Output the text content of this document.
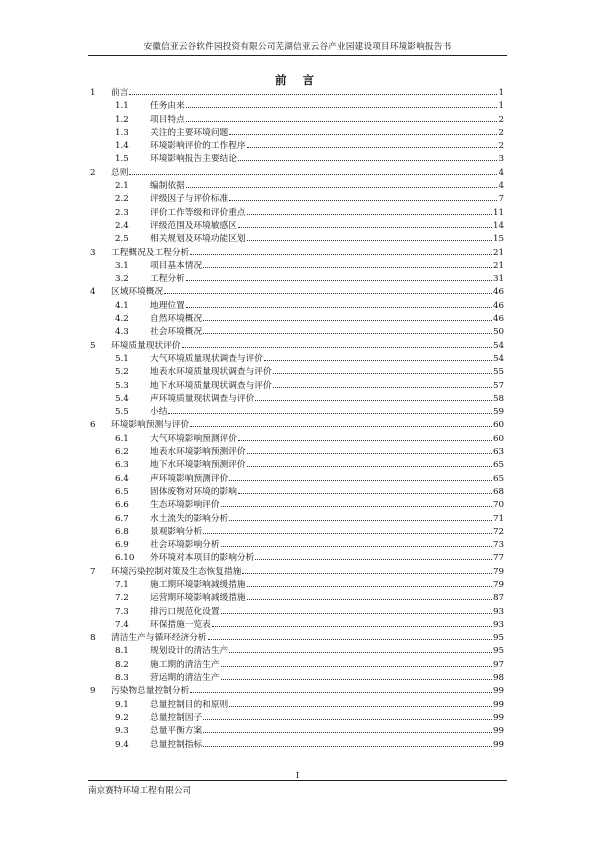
安徽信亚云谷软件园投资有限公司芜湖信亚云谷产业园建设项目环境影响报告书
前 言
1 前言	1
1.1 任务由来	1
1.2 项目特点	2
1.3 关注的主要环境问题	2
1.4 环境影响评价的工作程序	2
1.5 环境影响报告主要结论	3
2 总则	4
2.1 编制依据	4
2.2 评级因子与评价标准	7
2.3 评价工作等级和评价重点	11
2.4 评级范围及环境敏感区	14
2.5 相关规划及环境功能区划	15
3 工程概况及工程分析	21
3.1 项目基本情况	21
3.2 工程分析	31
4 区域环境概况	46
4.1 地理位置	46
4.2 自然环境概况	46
4.3 社会环境概况	50
5 环境质量现状评价	54
5.1 大气环境质量现状调查与评价	54
5.2 地表水环境质量现状调查与评价	55
5.3 地下水环境质量现状调查与评价	57
5.4 声环境质量现状调查与评价	58
5.5 小结	59
6 环境影响预测与评价	60
6.1 大气环境影响预测评价	60
6.2 地表水环境影响预测评价	63
6.3 地下水环境影响预测评价	65
6.4 声环境影响预测评价	65
6.5 固体废物对环境的影响	68
6.6 生态环境影响评价	70
6.7 水土流失的影响分析	71
6.8 景观影响分析	72
6.9 社会环境影响分析	73
6.10 外环境对本项目的影响分析	77
7 环境污染控制对策及生态恢复措施	79
7.1 施工期环境影响减缓措施	79
7.2 运营期环境影响减缓措施	87
7.3 排污口规范化设置	93
7.4 环保措施一览表	93
8 清洁生产与循环经济分析	95
8.1 规划设计的清洁生产	95
8.2 施工期的清洁生产	97
8.3 营运期的清洁生产	98
9 污染物总量控制分析	99
9.1 总量控制目的和原则	99
9.2 总量控制因子	99
9.3 总量平衡方案	99
9.4 总量控制指标	99
I
南京赛特环境工程有限公司
